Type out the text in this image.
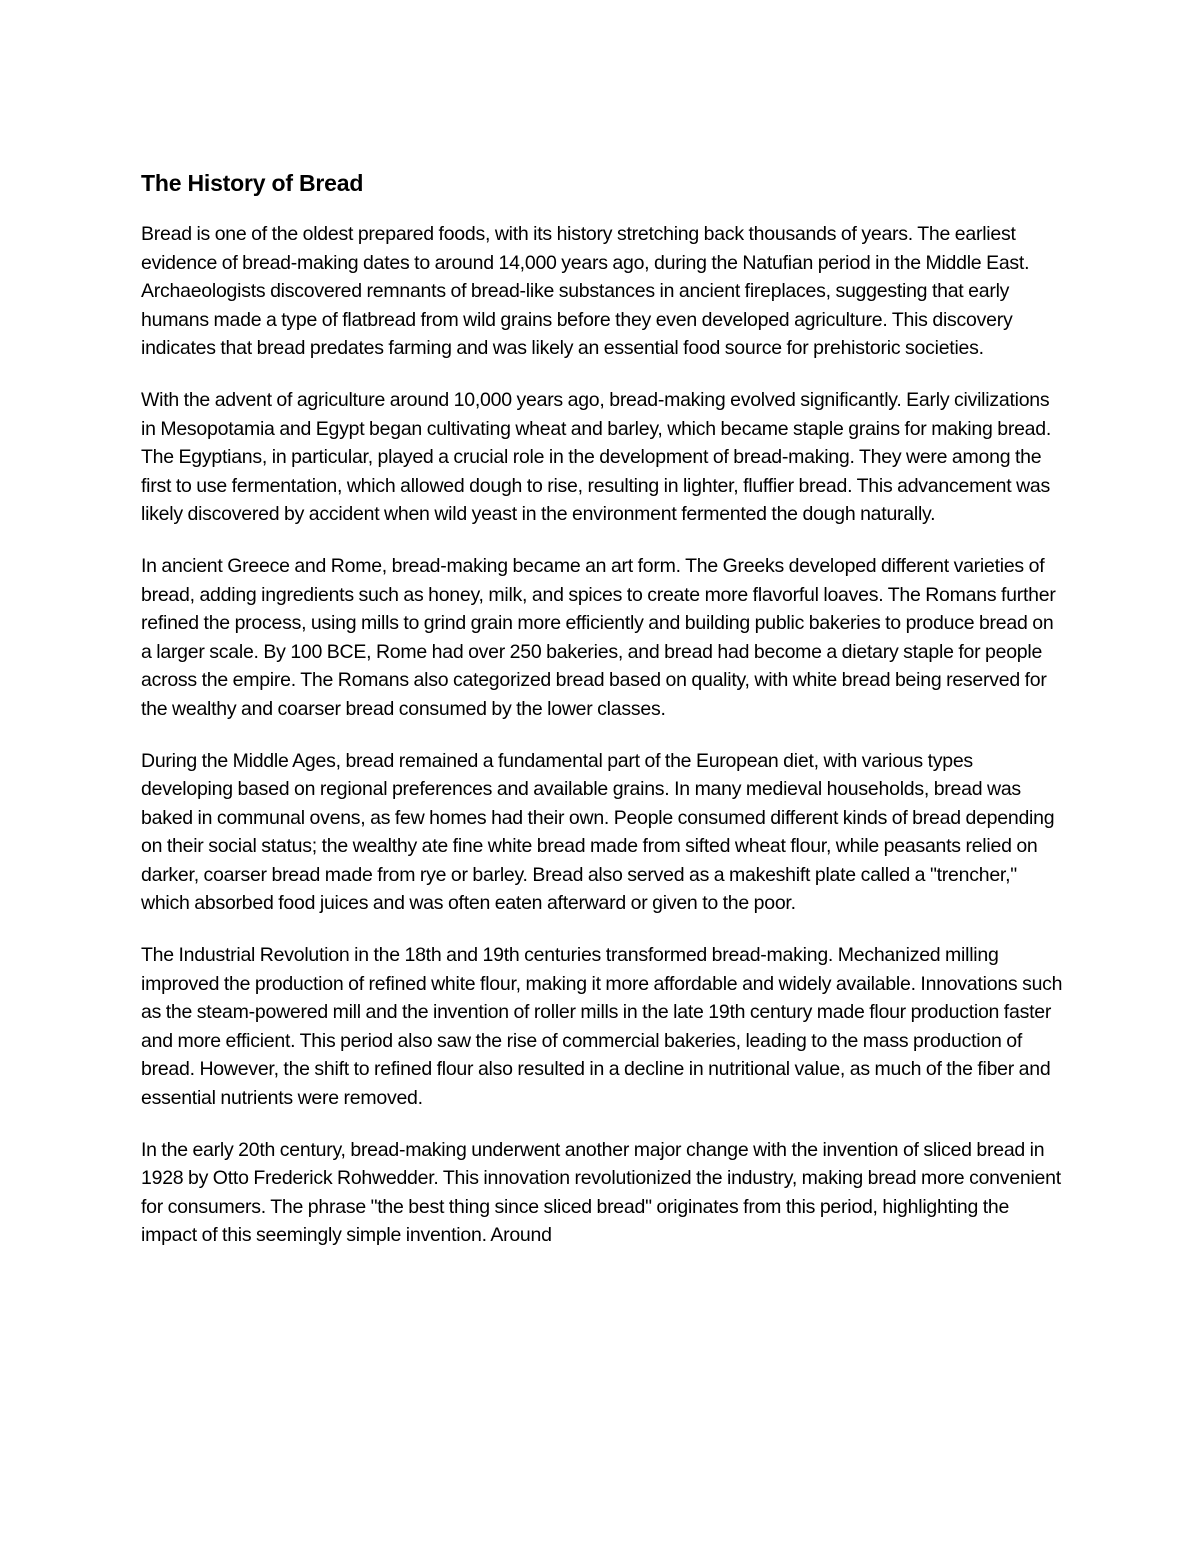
The History of Bread

Bread is one of the oldest prepared foods, with its history stretching back thousands of years. The earliest evidence of bread-making dates to around 14,000 years ago, during the Natufian period in the Middle East. Archaeologists discovered remnants of bread-like substances in ancient fireplaces, suggesting that early humans made a type of flatbread from wild grains before they even developed agriculture. This discovery indicates that bread predates farming and was likely an essential food source for prehistoric societies.

With the advent of agriculture around 10,000 years ago, bread-making evolved significantly. Early civilizations in Mesopotamia and Egypt began cultivating wheat and barley, which became staple grains for making bread. The Egyptians, in particular, played a crucial role in the development of bread-making. They were among the first to use fermentation, which allowed dough to rise, resulting in lighter, fluffier bread. This advancement was likely discovered by accident when wild yeast in the environment fermented the dough naturally.

In ancient Greece and Rome, bread-making became an art form. The Greeks developed different varieties of bread, adding ingredients such as honey, milk, and spices to create more flavorful loaves. The Romans further refined the process, using mills to grind grain more efficiently and building public bakeries to produce bread on a larger scale. By 100 BCE, Rome had over 250 bakeries, and bread had become a dietary staple for people across the empire. The Romans also categorized bread based on quality, with white bread being reserved for the wealthy and coarser bread consumed by the lower classes.

During the Middle Ages, bread remained a fundamental part of the European diet, with various types developing based on regional preferences and available grains. In many medieval households, bread was baked in communal ovens, as few homes had their own. People consumed different kinds of bread depending on their social status; the wealthy ate fine white bread made from sifted wheat flour, while peasants relied on darker, coarser bread made from rye or barley. Bread also served as a makeshift plate called a "trencher," which absorbed food juices and was often eaten afterward or given to the poor.

The Industrial Revolution in the 18th and 19th centuries transformed bread-making. Mechanized milling improved the production of refined white flour, making it more affordable and widely available. Innovations such as the steam-powered mill and the invention of roller mills in the late 19th century made flour production faster and more efficient. This period also saw the rise of commercial bakeries, leading to the mass production of bread. However, the shift to refined flour also resulted in a decline in nutritional value, as much of the fiber and essential nutrients were removed.

In the early 20th century, bread-making underwent another major change with the invention of sliced bread in 1928 by Otto Frederick Rohwedder. This innovation revolutionized the industry, making bread more convenient for consumers. The phrase "the best thing since sliced bread" originates from this period, highlighting the impact of this seemingly simple invention. Around
